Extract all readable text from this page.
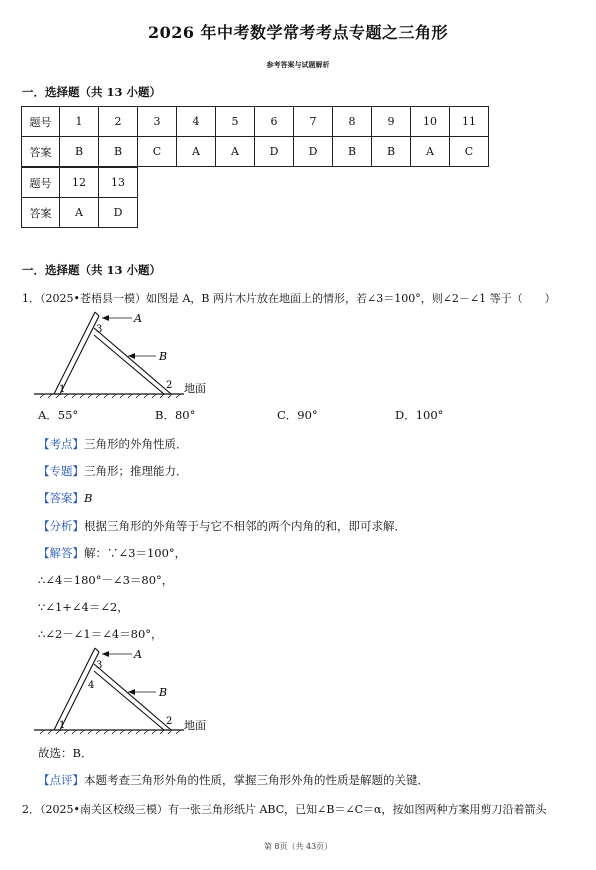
2026 年中考数学常考考点专题之三角形
参考答案与试题解析
一．选择题（共 13 小题）
题号	1	2	3	4	5	6	7	8	9	10	11
答案	B	B	C	A	A	D	D	B	B	A	C
题号	12	13
答案	A	D
一．选择题（共 13 小题）
1．（2025•苍梧县一模）如图是 A，B 两片木片放在地面上的情形，若∠3＝100°，则∠2－∠1 等于（　　）
A
B
3
1	2 地面
A．55°	B．80°	C．90°	D．100°
【考点】三角形的外角性质．
【专题】三角形；推理能力．
【答案】B
【分析】根据三角形的外角等于与它不相邻的两个内角的和，即可求解．
【解答】解：∵∠3＝100°，
∴∠4＝180°－∠3＝80°，
∵∠1+∠4＝∠2，
∴∠2－∠1＝∠4＝80°，
A
B
3
4
1	2 地面
故选：B．
【点评】本题考查三角形外角的性质，掌握三角形外角的性质是解题的关键．
2．（2025•南关区校级三模）有一张三角形纸片 ABC，已知∠B＝∠C＝α，按如图两种方案用剪刀沿着箭头
第 8页（共 43页）
